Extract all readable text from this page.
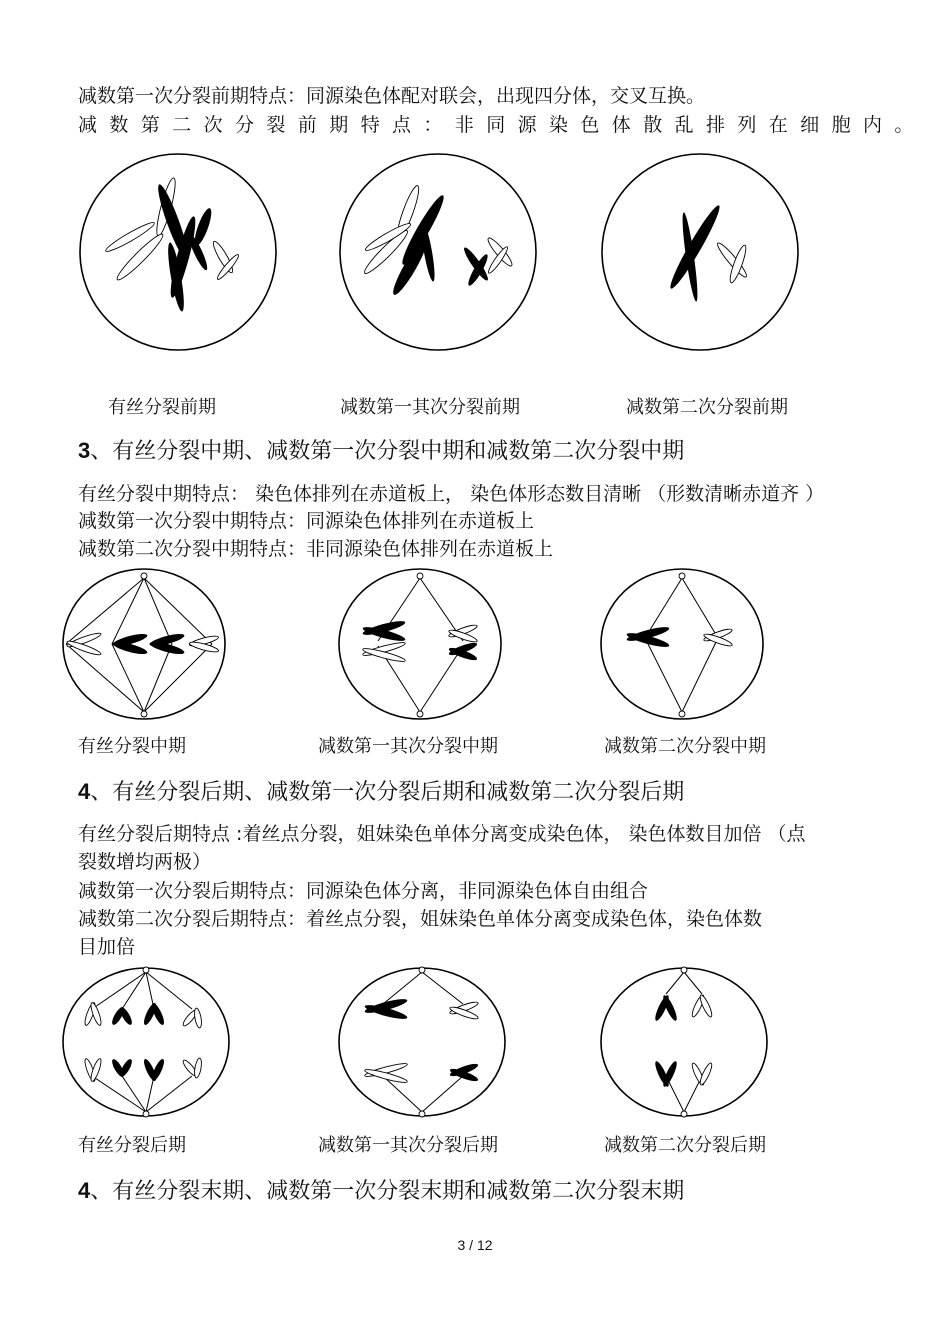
减数第一次分裂前期特点：同源染色体配对联会，出现四分体，交叉互换。
减数第二次分裂前期特点：非同源染色体散乱排列在细胞内。
有丝分裂前期	减数第一其次分裂前期	减数第二次分裂前期
3、有丝分裂中期、减数第一次分裂中期和减数第二次分裂中期
有丝分裂中期特点： 染色体排列在赤道板上， 染色体形态数目清晰 （形数清晰赤道齐 ）
减数第一次分裂中期特点：同源染色体排列在赤道板上
减数第二次分裂中期特点：非同源染色体排列在赤道板上
有丝分裂中期	减数第一其次分裂中期	减数第二次分裂中期
4、有丝分裂后期、减数第一次分裂后期和减数第二次分裂后期
有丝分裂后期特点 :着丝点分裂，姐妹染色单体分离变成染色体， 染色体数目加倍 （点
裂数增均两极）
减数第一次分裂后期特点：同源染色体分离，非同源染色体自由组合
减数第二次分裂后期特点：着丝点分裂，姐妹染色单体分离变成染色体，染色体数
目加倍
有丝分裂后期	减数第一其次分裂后期	减数第二次分裂后期
4、有丝分裂末期、减数第一次分裂末期和减数第二次分裂末期
3 / 12
